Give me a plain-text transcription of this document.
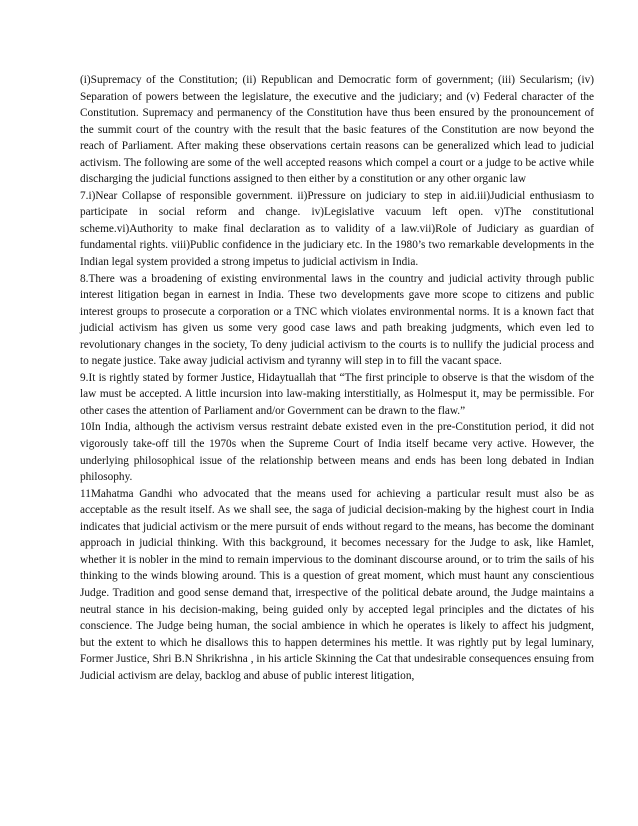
(i)Supremacy of the Constitution; (ii) Republican and Democratic form of government; (iii) Secularism; (iv) Separation of powers between the legislature, the executive and the judiciary; and (v) Federal character of the Constitution. Supremacy and permanency of the Constitution have thus been ensured by the pronouncement of the summit court of the country with the result that the basic features of the Constitution are now beyond the reach of Parliament. After making these observations certain reasons can be generalized which lead to judicial activism. The following are some of the well accepted reasons which compel a court or a judge to be active while discharging the judicial functions assigned to then either by a constitution or any other organic law

7.i)Near Collapse of responsible government. ii)Pressure on judiciary to step in aid.iii)Judicial enthusiasm to participate in social reform and change. iv)Legislative vacuum left open. v)The constitutional scheme.vi)Authority to make final declaration as to validity of a law.vii)Role of Judiciary as guardian of fundamental rights. viii)Public confidence in the judiciary etc. In the 1980’s two remarkable developments in the Indian legal system provided a strong impetus to judicial activism in India.

8.There was a broadening of existing environmental laws in the country and judicial activity through public interest litigation began in earnest in India. These two developments gave more scope to citizens and public interest groups to prosecute a corporation or a TNC which violates environmental norms. It is a known fact that judicial activism has given us some very good case laws and path breaking judgments, which even led to revolutionary changes in the society, To deny judicial activism to the courts is to nullify the judicial process and to negate justice. Take away judicial activism and tyranny will step in to fill the vacant space.

9.It is rightly stated by former Justice, Hidaytuallah that “The first principle to observe is that the wisdom of the law must be accepted. A little incursion into law-making interstitially, as Holmesput it, may be permissible. For other cases the attention of Parliament and/or Government can be drawn to the flaw.”

10In India, although the activism versus restraint debate existed even in the pre-Constitution period, it did not vigorously take-off till the 1970s when the Supreme Court of India itself became very active. However, the underlying philosophical issue of the relationship between means and ends has been long debated in Indian philosophy.

11Mahatma Gandhi who advocated that the means used for achieving a particular result must also be as acceptable as the result itself. As we shall see, the saga of judicial decision-making by the highest court in India indicates that judicial activism or the mere pursuit of ends without regard to the means, has become the dominant approach in judicial thinking. With this background, it becomes necessary for the Judge to ask, like Hamlet, whether it is nobler in the mind to remain impervious to the dominant discourse around, or to trim the sails of his thinking to the winds blowing around. This is a question of great moment, which must haunt any conscientious Judge. Tradition and good sense demand that, irrespective of the political debate around, the Judge maintains a neutral stance in his decision-making, being guided only by accepted legal principles and the dictates of his conscience. The Judge being human, the social ambience in which he operates is likely to affect his judgment, but the extent to which he disallows this to happen determines his mettle. It was rightly put by legal luminary, Former Justice, Shri B.N Shrikrishna , in his article Skinning the Cat that undesirable consequences ensuing from Judicial activism are delay, backlog and abuse of public interest litigation,
